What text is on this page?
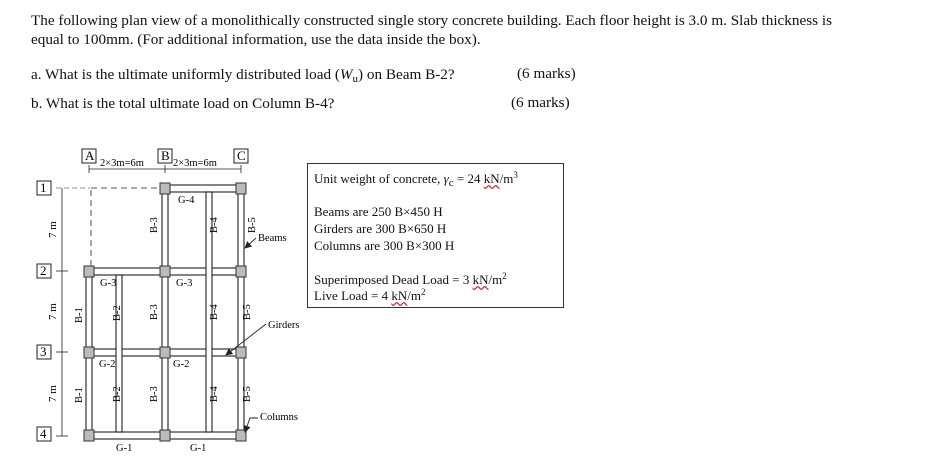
The following plan view of a monolithically constructed single story concrete building. Each floor height is 3.0 m. Slab thickness is
equal to 100mm. (For additional information, use the data inside the box).
a. What is the ultimate uniformly distributed load $(W_u)$ on Beam B-2?	(6 marks)
b. What is the total ultimate load on Column B-4?	(6 marks)
A	B	C
2×3m=6m	2×3m=6m
1
2
3
4
7 m
7 m
7 m
G-4
G-3	G-3
G-2	G-2
G-1	G-1
B-3	B-4	B-5
B-1	B-2 B-3	B-4 B-5
B-1	B-2 B-3	B-4 B-5
Beams
Girders
Columns
Unit weight of concrete, $\gamma_c = 24$ $kN/m^3$
Beams are 250 B×450 H
Girders are 300 B×650 H
Columns are 300 B×300 H
Superimposed Dead Load = 3 $kN/m^2$
Live Load = 4 $kN/m^2$
